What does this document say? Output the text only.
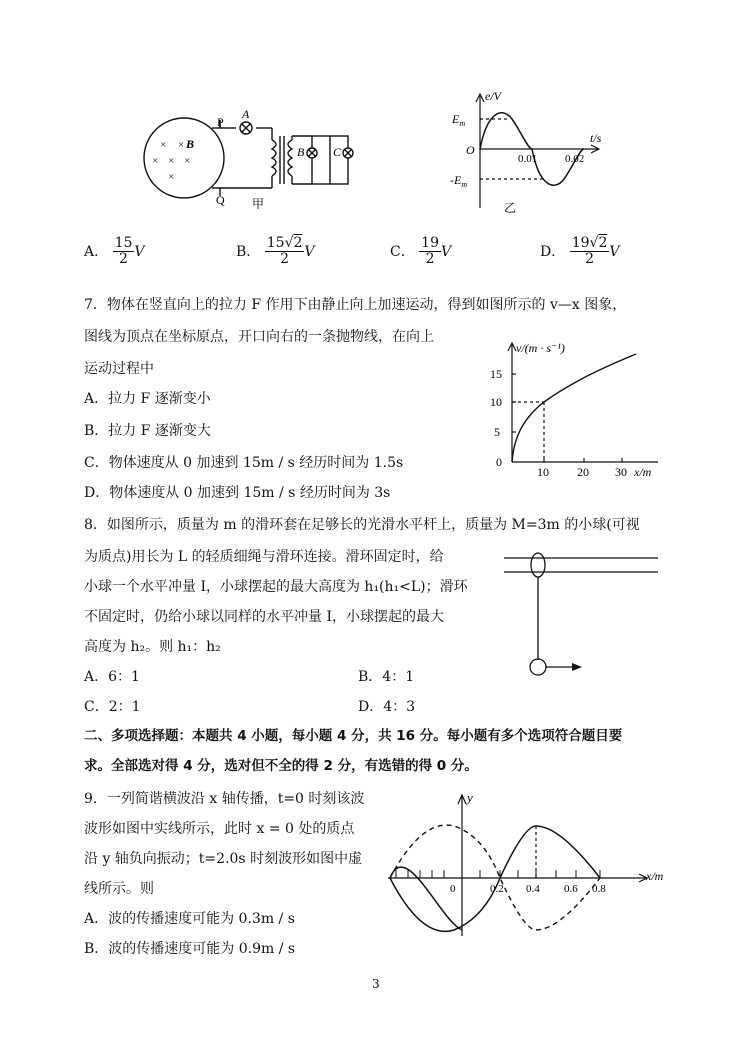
× ×
× × ×
×
B
P
Q
A
B C
甲
e/V
t/s
$E_m$
$-E_m$
O
0.01	0.02
乙
A． $\frac{15}{2}$ V	B． $\frac{15√2}{2}$ V	C． $\frac{19}{2}$ V	D． $\frac{19√2}{2}$ V
7．物体在竖直向上的拉力 F 作用下由静止向上加速运动，得到如图所示的 v—x 图象，
图线为顶点在坐标原点，开口向右的一条抛物线，在向上
运动过程中
A．拉力 F 逐渐变小
B．拉力 F 逐渐变大
C．物体速度从 0 加速到 15m / s 经历时间为 1.5s
D．物体速度从 0 加速到 15m / s 经历时间为 3s
v/(m · s⁻¹)
15
10
5
0
10 20 30 x/m
8．如图所示，质量为 m 的滑环套在足够长的光滑水平杆上，质量为 M=3m 的小球(可视
为质点)用长为 L 的轻质细绳与滑环连接。滑环固定时，给
小球一个水平冲量 I，小球摆起的最大高度为 h₁(h₁<L)；滑环
不固定时，仍给小球以同样的水平冲量 I，小球摆起的最大
高度为 h₂。则 h₁：h₂
A．6：1	B．4：1
C．2：1	D．4：3
二、多项选择题：本题共 4 小题，每小题 4 分，共 16 分。每小题有多个选项符合题目要
求。全部选对得 4 分，选对但不全的得 2 分，有选错的得 0 分。
9．一列简谐横波沿 x 轴传播，t=0 时刻该波
波形如图中实线所示，此时 x = 0 处的质点
沿 y 轴负向振动；t=2.0s 时刻波形如图中虚
线所示。则
A．波的传播速度可能为 0.3m / s
B．波的传播速度可能为 0.9m / s
y
x/m
0	0.2 0.4 0.6 0.8
3
